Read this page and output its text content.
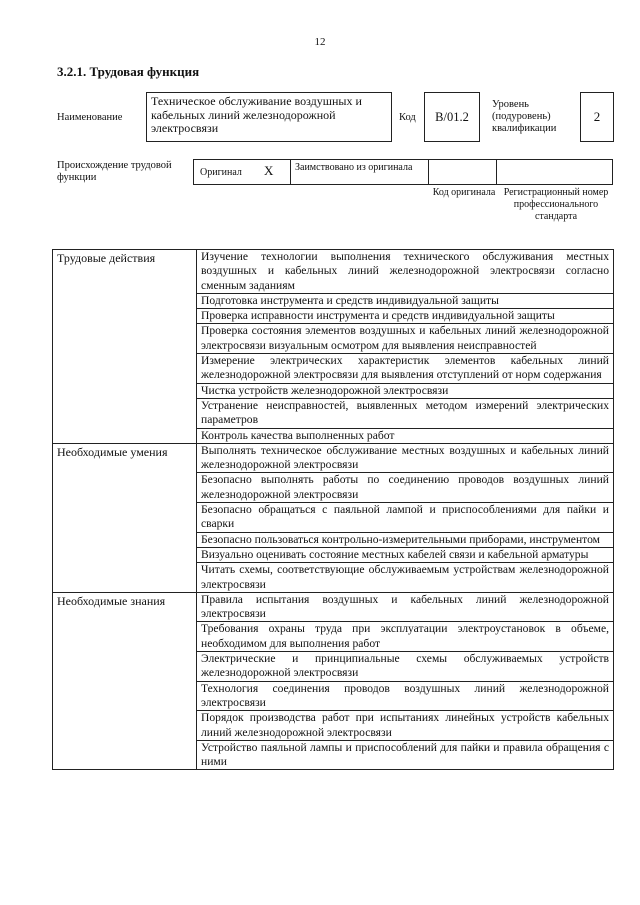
12
3.2.1. Трудовая функция
Наименование
Техническое обслуживание воздушных и кабельных линий железнодорожной электросвязи
Код	В/01.2
Уровень (подуровень) квалификации
2
Происхождение трудовой функции	Оригинал X	Заимствовано из оригинала
Код оригинала Регистрационный номер профессионального стандарта
Трудовые действия	Изучение технологии выполнения технического обслуживания местных воздушных и кабельных линий железнодорожной электросвязи согласно сменным заданиям
	Подготовка инструмента и средств индивидуальной защиты
	Проверка исправности инструмента и средств индивидуальной защиты
	Проверка состояния элементов воздушных и кабельных линий железнодорожной электросвязи визуальным осмотром для выявления неисправностей
	Измерение электрических характеристик элементов кабельных линий железнодорожной электросвязи для выявления отступлений от норм содержания
	Чистка устройств железнодорожной электросвязи
	Устранение неисправностей, выявленных методом измерений электрических параметров
	Контроль качества выполненных работ
Необходимые умения	Выполнять техническое обслуживание местных воздушных и кабельных линий железнодорожной электросвязи
	Безопасно выполнять работы по соединению проводов воздушных линий железнодорожной электросвязи
	Безопасно обращаться с паяльной лампой и приспособлениями для пайки и сварки
	Безопасно пользоваться контрольно-измерительными приборами, инструментом
	Визуально оценивать состояние местных кабелей связи и кабельной арматуры
	Читать схемы, соответствующие обслуживаемым устройствам железнодорожной электросвязи
Необходимые знания	Правила испытания воздушных и кабельных линий железнодорожной электросвязи
	Требования охраны труда при эксплуатации электроустановок в объеме, необходимом для выполнения работ
	Электрические и принципиальные схемы обслуживаемых устройств железнодорожной электросвязи
	Технология соединения проводов воздушных линий железнодорожной электросвязи
	Порядок производства работ при испытаниях линейных устройств кабельных линий железнодорожной электросвязи
	Устройство паяльной лампы и приспособлений для пайки и правила обращения с ними
